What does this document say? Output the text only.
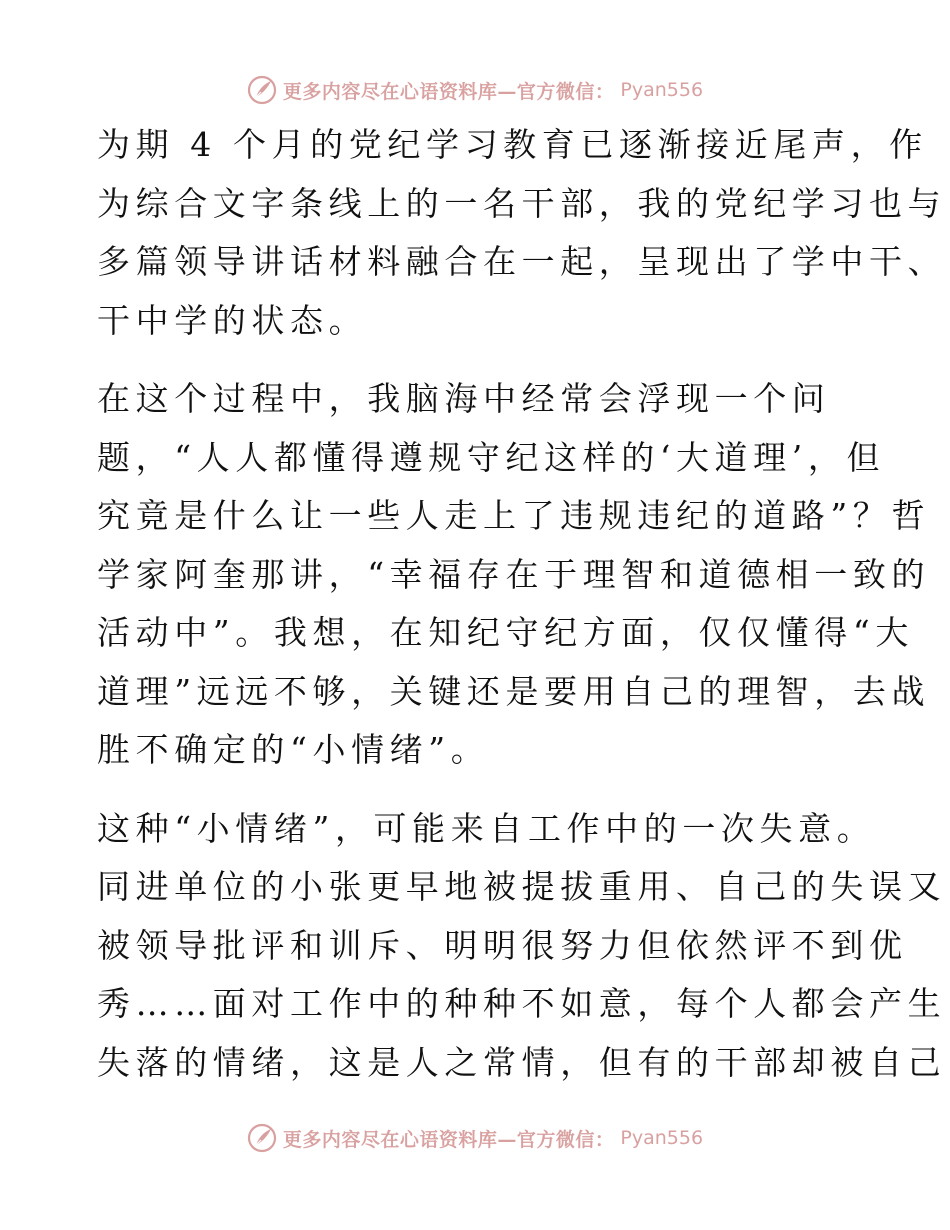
更多内容尽在心语资料库—官方微信： Pyan556
为期 4 个月的党纪学习教育已逐渐接近尾声，作
为综合文字条线上的一名干部，我的党纪学习也与
多篇领导讲话材料融合在一起，呈现出了学中干、
干中学的状态。
在这个过程中，我脑海中经常会浮现一个问
题，“人人都懂得遵规守纪这样的‘大道理’，但
究竟是什么让一些人走上了违规违纪的道路”？哲
学家阿奎那讲，“幸福存在于理智和道德相一致的
活动中”。我想，在知纪守纪方面，仅仅懂得“大
道理”远远不够，关键还是要用自己的理智，去战
胜不确定的“小情绪”。
这种“小情绪”，可能来自工作中的一次失意。
同进单位的小张更早地被提拔重用、自己的失误又
被领导批评和训斥、明明很努力但依然评不到优
秀……面对工作中的种种不如意，每个人都会产生
失落的情绪，这是人之常情，但有的干部却被自己
更多内容尽在心语资料库—官方微信： Pyan556
